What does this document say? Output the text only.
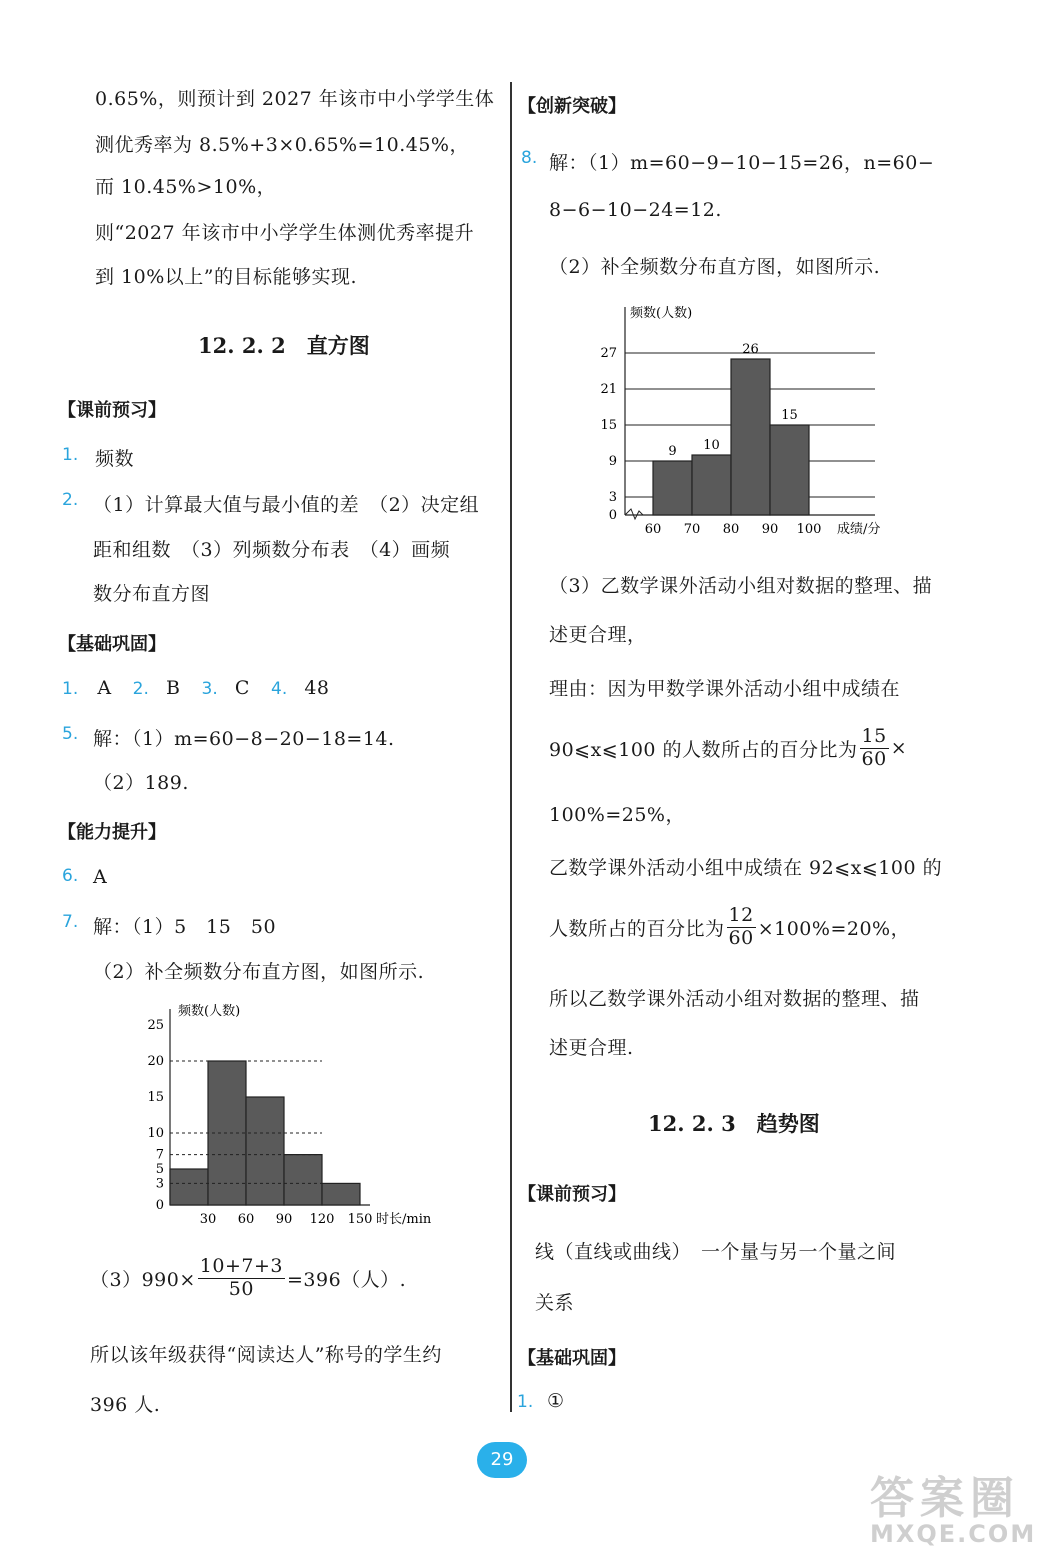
0.65%，则预计到 2027 年该市中小学学生体
测优秀率为 8.5%+3×0.65%=10.45%，
而 10.45%>10%，
则“2027 年该市中小学学生体测优秀率提升
到 10%以上”的目标能够实现.
12. 2. 2　直方图
【课前预习】
1. 频数
2. （1）计算最大值与最小值的差　（2）决定组
距和组数　（3）列频数分布表　（4）画频
数分布直方图
【基础巩固】
1. A 2. B 3. C 4. 48
5. 解：（1）m=60−8−20−18=14.
（2）189.
【能力提升】
6. A
7. 解：（1）5　15　50
（2）补全频数分布直方图，如图所示.
0
3
5
7
10
15
20
25
30 60 90 120 150 时长/min
频数(人数)
$(3)990\times \frac{10+7+3}{50} =396$（人）.
所以该年级获得“阅读达人”称号的学生约
396 人.
【创新突破】
8. 解：（1）m=60−9−10−15=26，n=60−
8−6−10−24=12.
（2）补全频数分布直方图，如图所示.
9 10
26
15
0
3
9
15
21
27
60 70 80 90 100 成绩/分
频数(人数)
（3）乙数学课外活动小组对数据的整理、描
述更合理，
理由：因为甲数学课外活动小组中成绩在
90⩽x⩽100 的人数所占的百分比为 $\frac{15}{60}$ ×
100%=25%，
乙数学课外活动小组中成绩在 92⩽x⩽100 的
人数所占的百分比为 $\frac{12}{60} \times 100\%=20\%$，
所以乙数学课外活动小组对数据的整理、描
述更合理.
12. 2. 3　趋势图
【课前预习】
线（直线或曲线）　一个量与另一个量之间
关系
【基础巩固】
1. ①
29
答案圈
MXQE.COM
